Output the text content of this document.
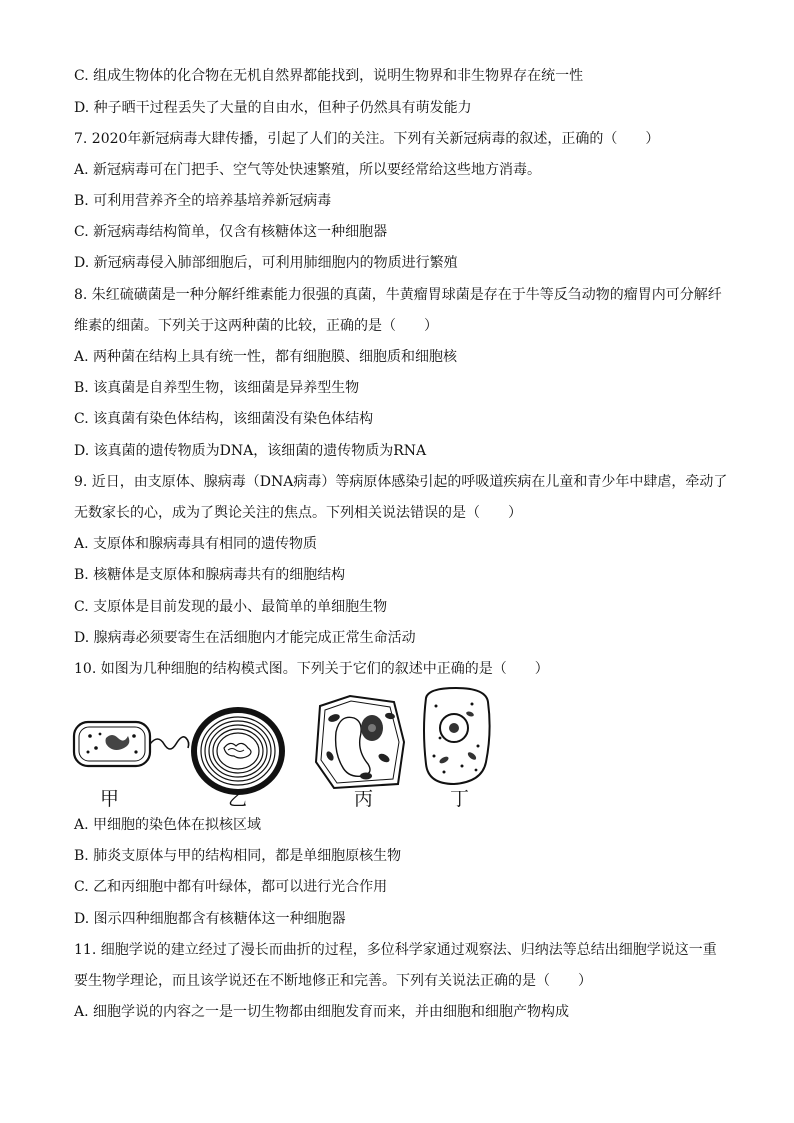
C. 组成生物体的化合物在无机自然界都能找到，说明生物界和非生物界存在统一性
D. 种子晒干过程丢失了大量的自由水，但种子仍然具有萌发能力
7. 2020年新冠病毒大肆传播，引起了人们的关注。下列有关新冠病毒的叙述，正确的（　　）
A. 新冠病毒可在门把手、空气等处快速繁殖，所以要经常给这些地方消毒。
B. 可利用营养齐全的培养基培养新冠病毒
C. 新冠病毒结构简单，仅含有核糖体这一种细胞器
D. 新冠病毒侵入肺部细胞后，可利用肺细胞内的物质进行繁殖
8. 朱红硫磺菌是一种分解纤维素能力很强的真菌，牛黄瘤胃球菌是存在于牛等反刍动物的瘤胃内可分解纤
维素的细菌。下列关于这两种菌的比较，正确的是（　　）
A. 两种菌在结构上具有统一性，都有细胞膜、细胞质和细胞核
B. 该真菌是自养型生物，该细菌是异养型生物
C. 该真菌有染色体结构，该细菌没有染色体结构
D. 该真菌的遗传物质为DNA，该细菌的遗传物质为RNA
9. 近日，由支原体、腺病毒（DNA病毒）等病原体感染引起的呼吸道疾病在儿童和青少年中肆虐，牵动了
无数家长的心，成为了舆论关注的焦点。下列相关说法错误的是（　　）
A. 支原体和腺病毒具有相同的遗传物质
B. 核糖体是支原体和腺病毒共有的细胞结构
C. 支原体是目前发现的最小、最简单的单细胞生物
D. 腺病毒必须要寄生在活细胞内才能完成正常生命活动
10. 如图为几种细胞的结构模式图。下列关于它们的叙述中正确的是（　　）
甲	乙	丙	丁
A. 甲细胞的染色体在拟核区域
B. 肺炎支原体与甲的结构相同，都是单细胞原核生物
C. 乙和丙细胞中都有叶绿体，都可以进行光合作用
D. 图示四种细胞都含有核糖体这一种细胞器
11. 细胞学说的建立经过了漫长而曲折的过程，多位科学家通过观察法、归纳法等总结出细胞学说这一重
要生物学理论，而且该学说还在不断地修正和完善。下列有关说法正确的是（　　）
A. 细胞学说的内容之一是一切生物都由细胞发育而来，并由细胞和细胞产物构成
